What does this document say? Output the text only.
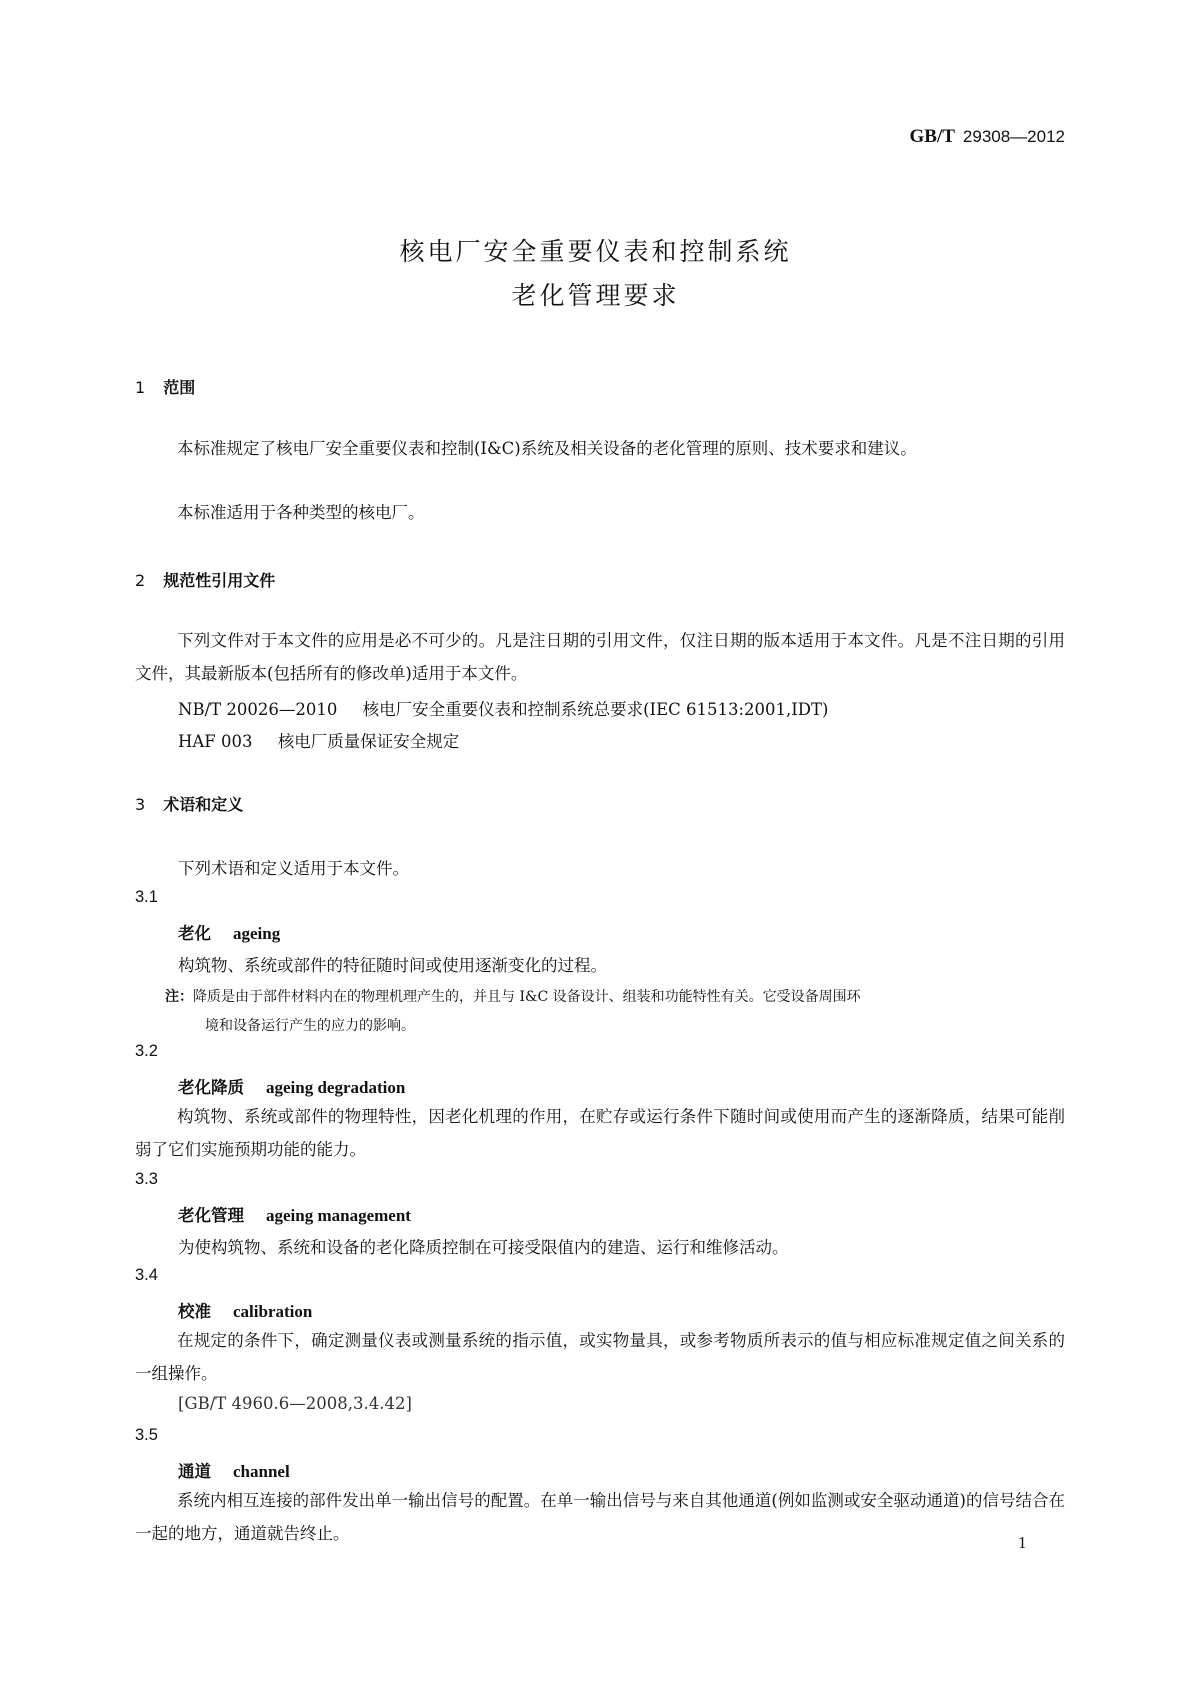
GB/T 29308—2012
核电厂安全重要仪表和控制系统
老化管理要求
1 范围
本标准规定了核电厂安全重要仪表和控制(I&C)系统及相关设备的老化管理的原则、技术要求和建议。
本标准适用于各种类型的核电厂。
2 规范性引用文件
下列文件对于本文件的应用是必不可少的。凡是注日期的引用文件，仅注日期的版本适用于本文件。凡是不注日期的引用文件，其最新版本(包括所有的修改单)适用于本文件。
NB/T 20026—2010 核电厂安全重要仪表和控制系统总要求(IEC 61513:2001,IDT)
HAF 003 核电厂质量保证安全规定
3 术语和定义
下列术语和定义适用于本文件。
3.1
老化 ageing
构筑物、系统或部件的特征随时间或使用逐渐变化的过程。
注：降质是由于部件材料内在的物理机理产生的，并且与 I&C 设备设计、组装和功能特性有关。它受设备周围环
境和设备运行产生的应力的影响。
3.2
老化降质 ageing degradation
构筑物、系统或部件的物理特性，因老化机理的作用，在贮存或运行条件下随时间或使用而产生的逐渐降质，结果可能削弱了它们实施预期功能的能力。
3.3
老化管理 ageing management
为使构筑物、系统和设备的老化降质控制在可接受限值内的建造、运行和维修活动。
3.4
校准 calibration
在规定的条件下，确定测量仪表或测量系统的指示值，或实物量具，或参考物质所表示的值与相应标准规定值之间关系的一组操作。
[GB/T 4960.6—2008,3.4.42]
3.5
通道 channel
系统内相互连接的部件发出单一输出信号的配置。在单一输出信号与来自其他通道(例如监测或安全驱动通道)的信号结合在一起的地方，通道就告终止。	1
